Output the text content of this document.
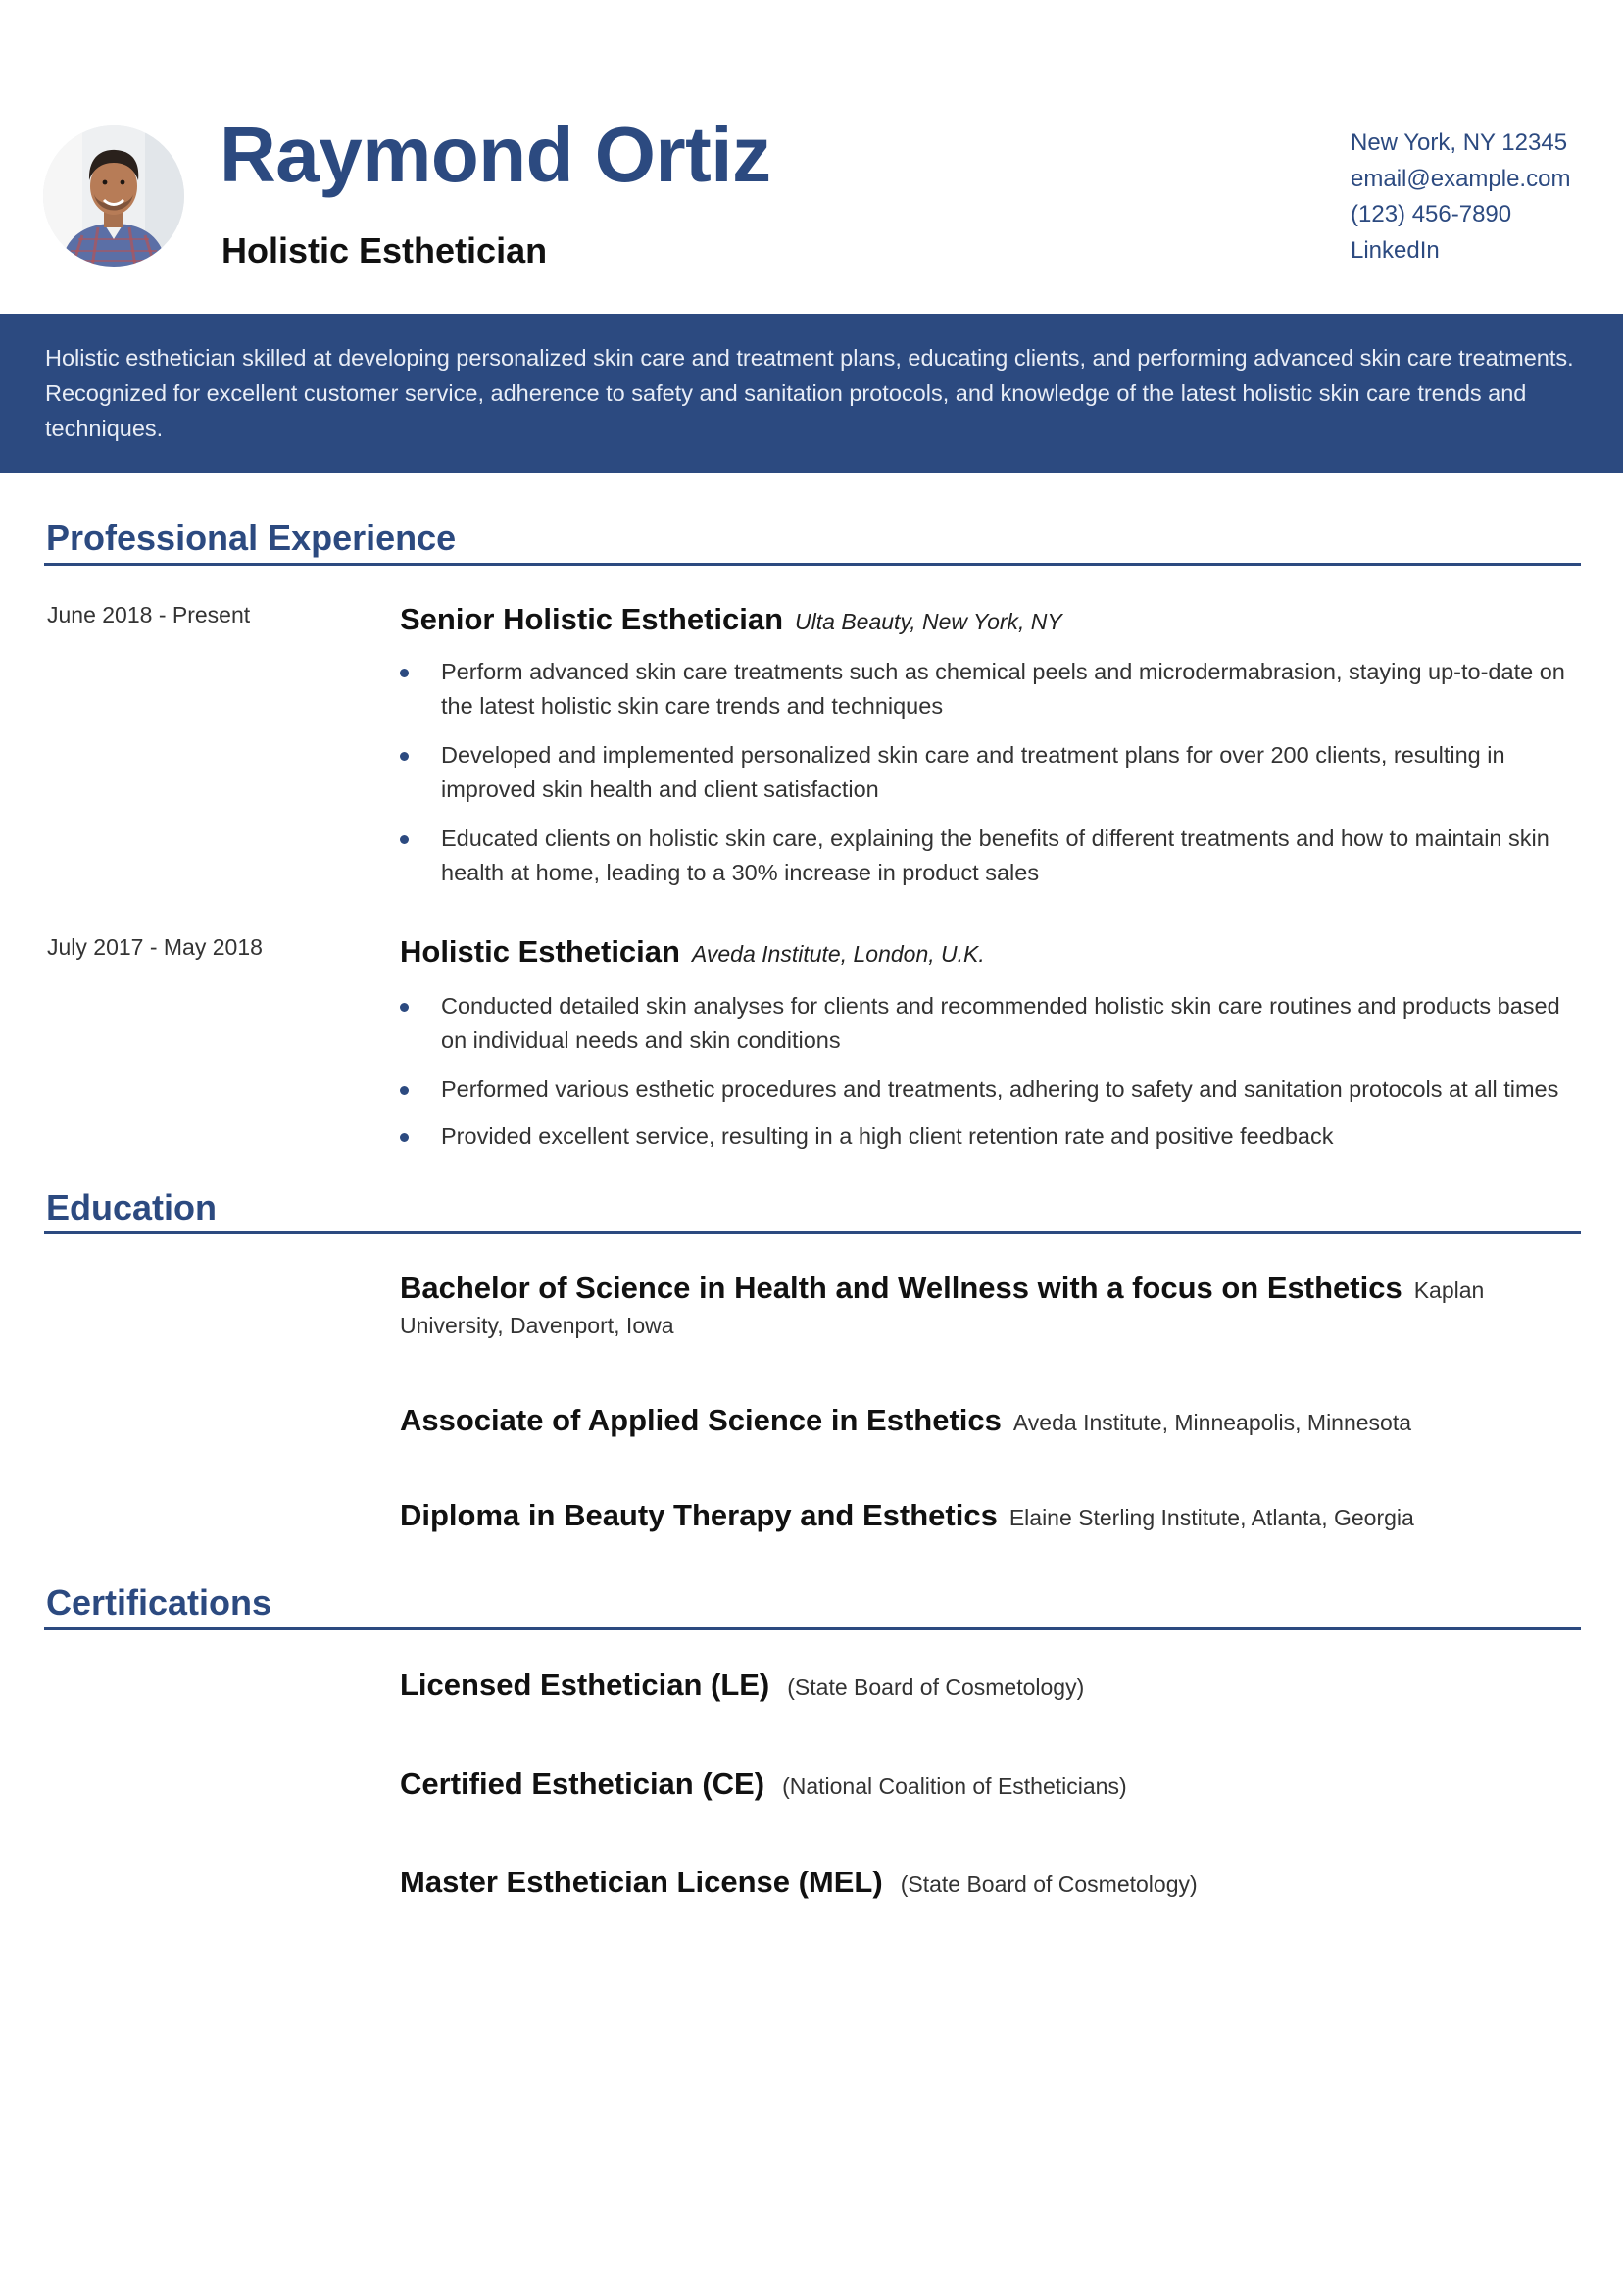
Raymond Ortiz
Holistic Esthetician
New York, NY 12345
email@example.com
(123) 456-7890
LinkedIn

Holistic esthetician skilled at developing personalized skin care and treatment plans, educating clients, and performing advanced skin care treatments. Recognized for excellent customer service, adherence to safety and sanitation protocols, and knowledge of the latest holistic skin care trends and techniques.

Professional Experience
June 2018 - Present	Senior Holistic Esthetician Ulta Beauty, New York, NY
Perform advanced skin care treatments such as chemical peels and microdermabrasion, staying up-to-date on the latest holistic skin care trends and techniques
Developed and implemented personalized skin care and treatment plans for over 200 clients, resulting in improved skin health and client satisfaction
Educated clients on holistic skin care, explaining the benefits of different treatments and how to maintain skin health at home, leading to a 30% increase in product sales
July 2017 - May 2018	Holistic Esthetician Aveda Institute, London, U.K.
Conducted detailed skin analyses for clients and recommended holistic skin care routines and products based on individual needs and skin conditions
Performed various esthetic procedures and treatments, adhering to safety and sanitation protocols at all times
Provided excellent service, resulting in a high client retention rate and positive feedback
Education
Bachelor of Science in Health and Wellness with a focus on Esthetics Kaplan
University, Davenport, Iowa
Associate of Applied Science in Esthetics Aveda Institute, Minneapolis, Minnesota
Diploma in Beauty Therapy and Esthetics Elaine Sterling Institute, Atlanta, Georgia
Certifications
Licensed Esthetician (LE) (State Board of Cosmetology)
Certified Esthetician (CE) (National Coalition of Estheticians)
Master Esthetician License (MEL) (State Board of Cosmetology)
